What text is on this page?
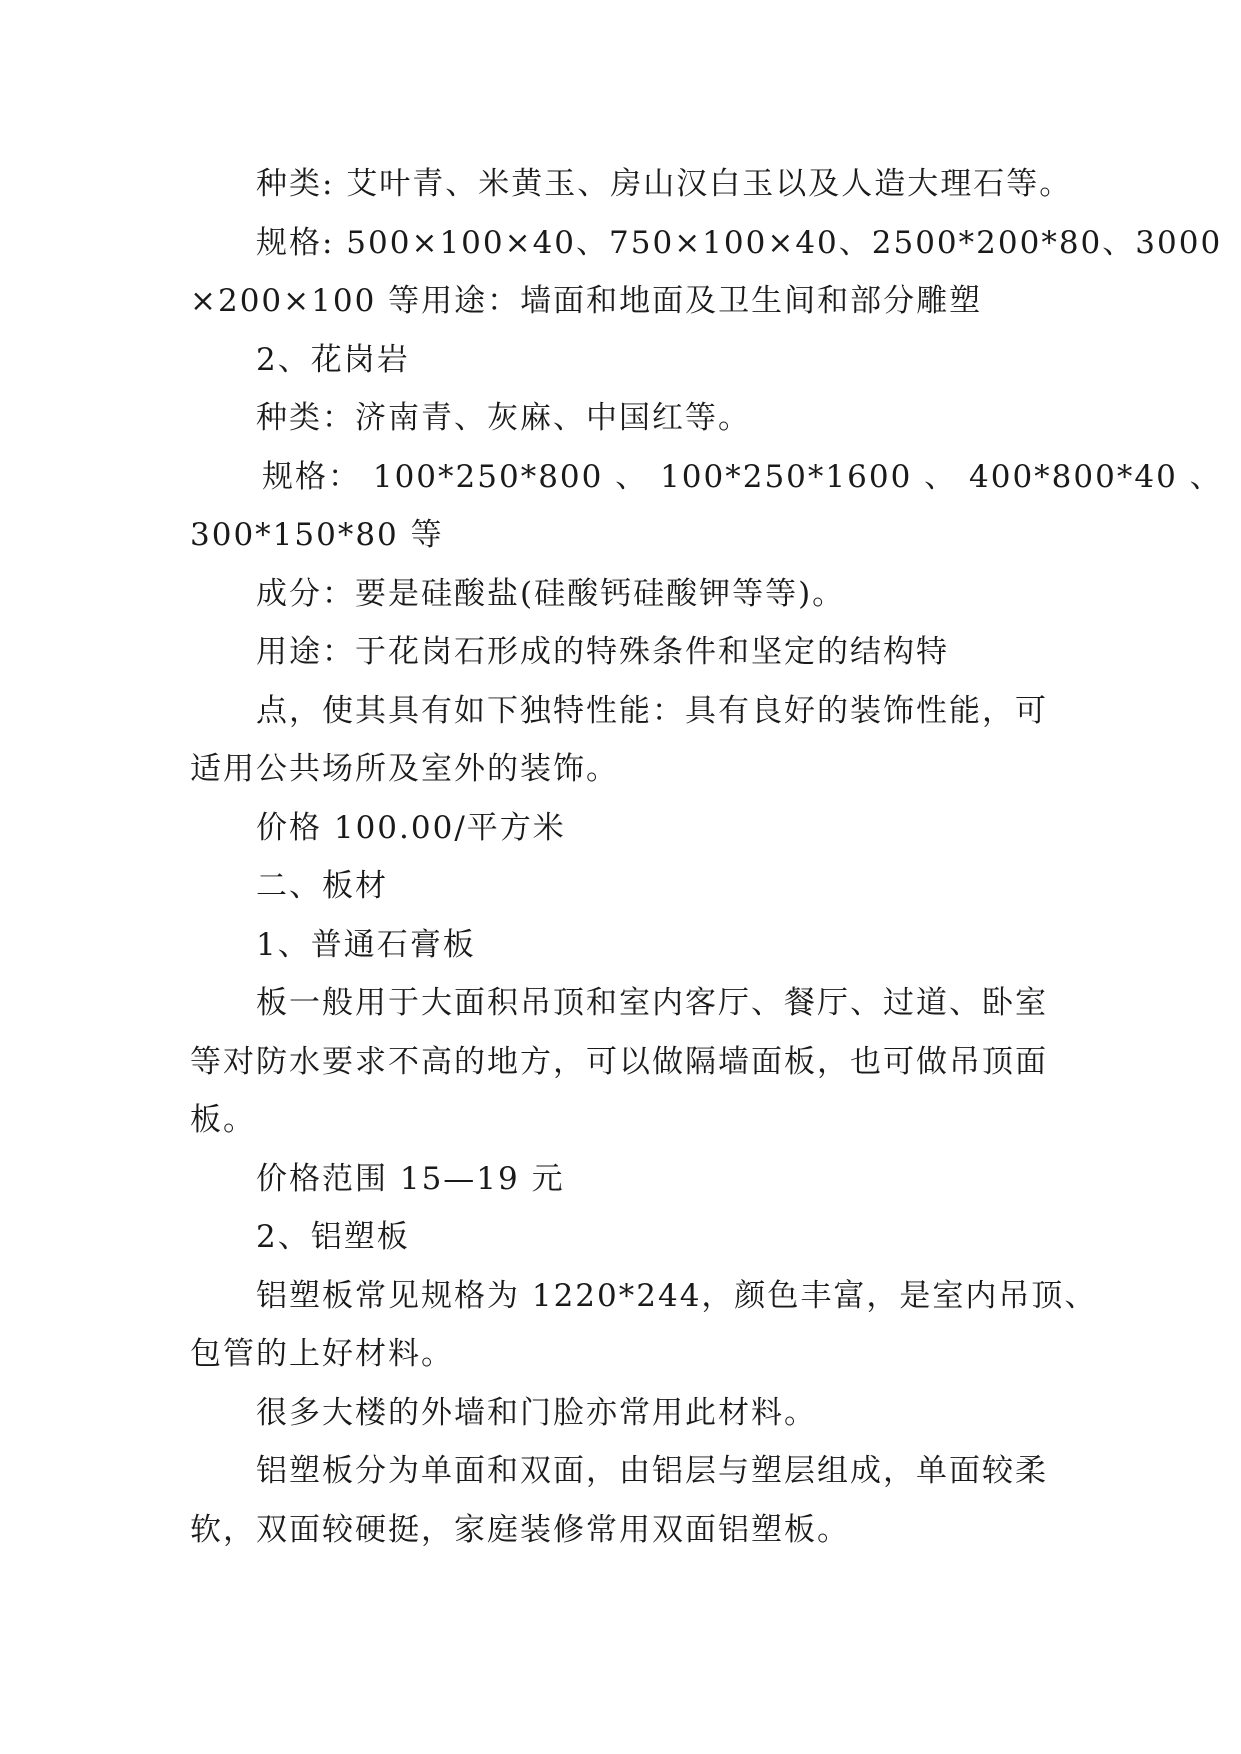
种类: 艾叶青、米黄玉、房山汉白玉以及人造大理石等。
规格: 500×100×40、750×100×40、2500*200*80、3000
×200×100 等用途：墙面和地面及卫生间和部分雕塑
2、花岗岩
种类：济南青、灰麻、中国红等。
规格： 100*250*800 、 100*250*1600 、 400*800*40 、
300*150*80 等
成分：要是硅酸盐(硅酸钙硅酸钾等等)。
用途：于花岗石形成的特殊条件和坚定的结构特
点，使其具有如下独特性能：具有良好的装饰性能，可
适用公共场所及室外的装饰。
价格 100.00/平方米
二、板材
1、普通石膏板
板一般用于大面积吊顶和室内客厅、餐厅、过道、卧室
等对防水要求不高的地方，可以做隔墙面板，也可做吊顶面
板。
价格范围 15—19 元
2、铝塑板
铝塑板常见规格为 1220*244，颜色丰富，是室内吊顶、
包管的上好材料。
很多大楼的外墙和门脸亦常用此材料。
铝塑板分为单面和双面，由铝层与塑层组成，单面较柔
软，双面较硬挺，家庭装修常用双面铝塑板。
